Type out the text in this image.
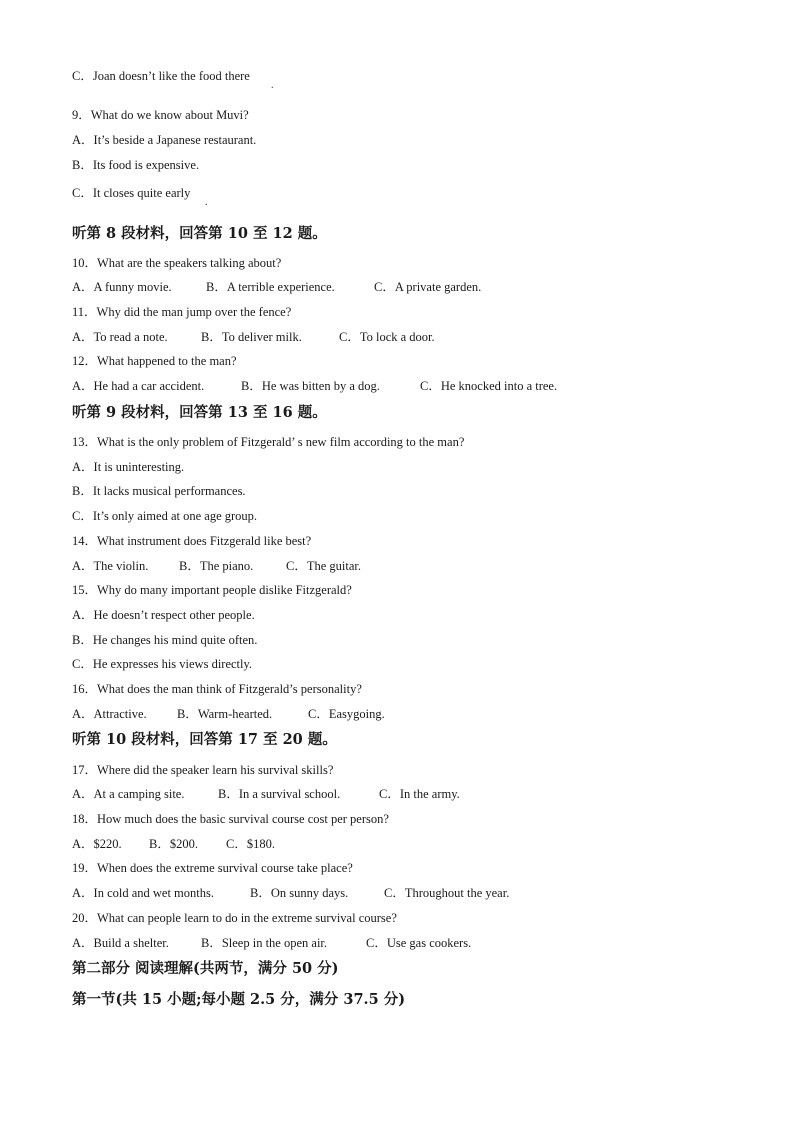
C．Joan doesn’t like the food there
.
9．What do we know about Muvi?
A．It’s beside a Japanese restaurant.
B．Its food is expensive.
C．It closes quite early
.
听第 8 段材料，回答第 10 至 12 题。
10．What are the speakers talking about?
A．A funny movie.	B．A terrible experience.	C．A private garden.
11．Why did the man jump over the fence?
A．To read a note.	B．To deliver milk.	C．To lock a door.
12．What happened to the man?
A．He had a car accident.	B．He was bitten by a dog.	C．He knocked into a tree.
听第 9 段材料，回答第 13 至 16 题。
13．What is the only problem of Fitzgerald’ s new film according to the man?
A．It is uninteresting.
B．It lacks musical performances.
C．It’s only aimed at one age group.
14．What instrument does Fitzgerald like best?
A．The violin. B．The piano.	C．The guitar.
15．Why do many important people dislike Fitzgerald?
A．He doesn’t respect other people.
B．He changes his mind quite often.
C．He expresses his views directly.
16．What does the man think of Fitzgerald’s personality?
A．Attractive. B．Warm-hearted.	C．Easygoing.
听第 10 段材料，回答第 17 至 20 题。
17．Where did the speaker learn his survival skills?
A．At a camping site.	B．In a survival school.	C．In the army.
18．How much does the basic survival course cost per person?
A．$220. B．$200. C．$180.
19．When does the extreme survival course take place?
A．In cold and wet months.	B．On sunny days.	C．Throughout the year.
20．What can people learn to do in the extreme survival course?
A．Build a shelter.	B．Sleep in the open air.	C．Use gas cookers.
第二部分 阅读理解(共两节，满分 50 分)
第一节(共 15 小题;每小题 2.5 分，满分 37.5 分)
